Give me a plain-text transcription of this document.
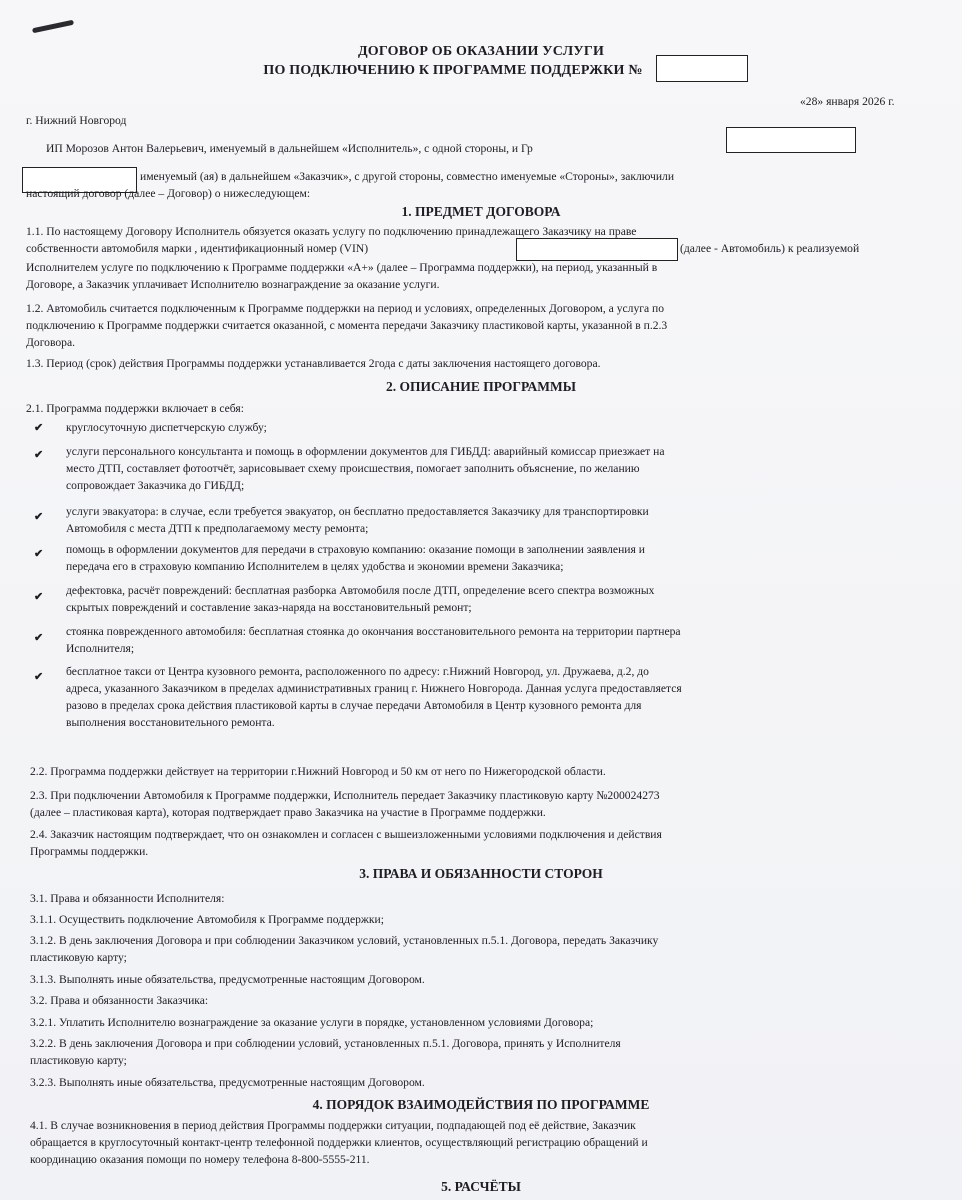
ДОГОВОР ОБ ОКАЗАНИИ УСЛУГИ
ПО ПОДКЛЮЧЕНИЮ К ПРОГРАММЕ ПОДДЕРЖКИ №
«28» января 2026 г.
г. Нижний Новгород
ИП Морозов Антон Валерьевич, именуемый в дальнейшем «Исполнитель», с одной стороны, и Гр
именуемый (ая) в дальнейшем «Заказчик», с другой стороны, совместно именуемые «Стороны», заключили
настоящий договор (далее – Договор) о нижеследующем:
1. ПРЕДМЕТ ДОГОВОРА
1.1. По настоящему Договору Исполнитель обязуется оказать услугу по подключению принадлежащего Заказчику на праве
собственности автомобиля марки , идентификационный номер (VIN)	(далее - Автомобиль) к реализуемой
Исполнителем услуге по подключению к Программе поддержки «А+» (далее – Программа поддержки), на период, указанный в
Договоре, а Заказчик уплачивает Исполнителю вознаграждение за оказание услуги.
1.2. Автомобиль считается подключенным к Программе поддержки на период и условиях, определенных Договором, а услуга по
подключению к Программе поддержки считается оказанной, с момента передачи Заказчику пластиковой карты, указанной в п.2.3
Договора.
1.3. Период (срок) действия Программы поддержки устанавливается 2года с даты заключения настоящего договора.
2. ОПИСАНИЕ ПРОГРАММЫ
2.1. Программа поддержки включает в себя:
✔ круглосуточную диспетчерскую службу;
✔ услуги персонального консультанта и помощь в оформлении документов для ГИБДД: аварийный комиссар приезжает на
место ДТП, составляет фотоотчёт, зарисовывает схему происшествия, помогает заполнить объяснение, по желанию
сопровождает Заказчика до ГИБДД;
✔ услуги эвакуатора: в случае, если требуется эвакуатор, он бесплатно предоставляется Заказчику для транспортировки
Автомобиля с места ДТП к предполагаемому месту ремонта;
✔ помощь в оформлении документов для передачи в страховую компанию: оказание помощи в заполнении заявления и
передача его в страховую компанию Исполнителем в целях удобства и экономии времени Заказчика;
✔ дефектовка, расчёт повреждений: бесплатная разборка Автомобиля после ДТП, определение всего спектра возможных
скрытых повреждений и составление заказ-наряда на восстановительный ремонт;
✔ стоянка поврежденного автомобиля: бесплатная стоянка до окончания восстановительного ремонта на территории партнера
Исполнителя;
✔ бесплатное такси от Центра кузовного ремонта, расположенного по адресу: г.Нижний Новгород, ул. Дружаева, д.2, до
адреса, указанного Заказчиком в пределах административных границ г. Нижнего Новгорода. Данная услуга предоставляется
разово в пределах срока действия пластиковой карты в случае передачи Автомобиля в Центр кузовного ремонта для
выполнения восстановительного ремонта.
2.2. Программа поддержки действует на территории г.Нижний Новгород и 50 км от него по Нижегородской области.
2.3. При подключении Автомобиля к Программе поддержки, Исполнитель передает Заказчику пластиковую карту №200024273
(далее – пластиковая карта), которая подтверждает право Заказчика на участие в Программе поддержки.
2.4. Заказчик настоящим подтверждает, что он ознакомлен и согласен с вышеизложенными условиями подключения и действия
Программы поддержки.
3. ПРАВА И ОБЯЗАННОСТИ СТОРОН
3.1. Права и обязанности Исполнителя:
3.1.1. Осуществить подключение Автомобиля к Программе поддержки;
3.1.2. В день заключения Договора и при соблюдении Заказчиком условий, установленных п.5.1. Договора, передать Заказчику
пластиковую карту;
3.1.3. Выполнять иные обязательства, предусмотренные настоящим Договором.
3.2. Права и обязанности Заказчика:
3.2.1. Уплатить Исполнителю вознаграждение за оказание услуги в порядке, установленном условиями Договора;
3.2.2. В день заключения Договора и при соблюдении условий, установленных п.5.1. Договора, принять у Исполнителя
пластиковую карту;
3.2.3. Выполнять иные обязательства, предусмотренные настоящим Договором.
4. ПОРЯДОК ВЗАИМОДЕЙСТВИЯ ПО ПРОГРАММЕ
4.1. В случае возникновения в период действия Программы поддержки ситуации, подпадающей под её действие, Заказчик
обращается в круглосуточный контакт-центр телефонной поддержки клиентов, осуществляющий регистрацию обращений и
координацию оказания помощи по номеру телефона 8-800-5555-211.
5. РАСЧЁТЫ
